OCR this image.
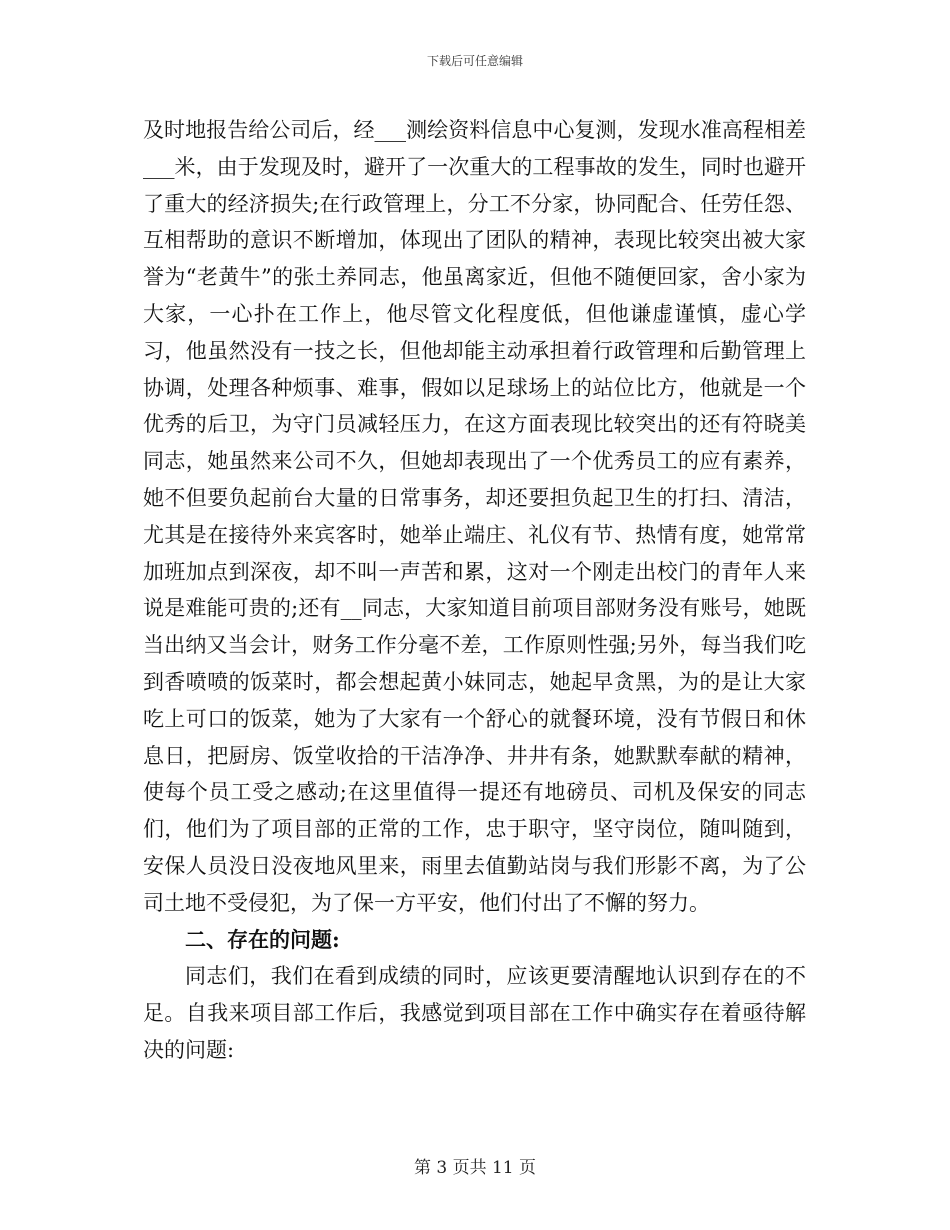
下载后可任意编辑

及时地报告给公司后，经___测绘资料信息中心复测，发现水准高程相差___米，由于发现及时，避开了一次重大的工程事故的发生，同时也避开了重大的经济损失;在行政管理上，分工不分家，协同配合、任劳任怨、互相帮助的意识不断增加，体现出了团队的精神，表现比较突出被大家誉为“老黄牛”的张土养同志，他虽离家近，但他不随便回家，舍小家为大家，一心扑在工作上，他尽管文化程度低，但他谦虚谨慎，虚心学习，他虽然没有一技之长，但他却能主动承担着行政管理和后勤管理上协调，处理各种烦事、难事，假如以足球场上的站位比方，他就是一个优秀的后卫，为守门员减轻压力，在这方面表现比较突出的还有符晓美同志，她虽然来公司不久，但她却表现出了一个优秀员工的应有素养，她不但要负起前台大量的日常事务，却还要担负起卫生的打扫、清洁，尤其是在接待外来宾客时，她举止端庄、礼仪有节、热情有度，她常常加班加点到深夜，却不叫一声苦和累，这对一个刚走出校门的青年人来说是难能可贵的;还有__同志，大家知道目前项目部财务没有账号，她既当出纳又当会计，财务工作分毫不差，工作原则性强;另外，每当我们吃到香喷喷的饭菜时，都会想起黄小妹同志，她起早贪黑，为的是让大家吃上可口的饭菜，她为了大家有一个舒心的就餐环境，没有节假日和休息日，把厨房、饭堂收拾的干洁净净、井井有条，她默默奉献的精神，使每个员工受之感动;在这里值得一提还有地磅员、司机及保安的同志们，他们为了项目部的正常的工作，忠于职守，坚守岗位，随叫随到，安保人员没日没夜地风里来，雨里去值勤站岗与我们形影不离，为了公司土地不受侵犯，为了保一方平安，他们付出了不懈的努力。

二、存在的问题:

同志们，我们在看到成绩的同时，应该更要清醒地认识到存在的不足。自我来项目部工作后，我感觉到项目部在工作中确实存在着亟待解决的问题:

第 3 页共 11 页
